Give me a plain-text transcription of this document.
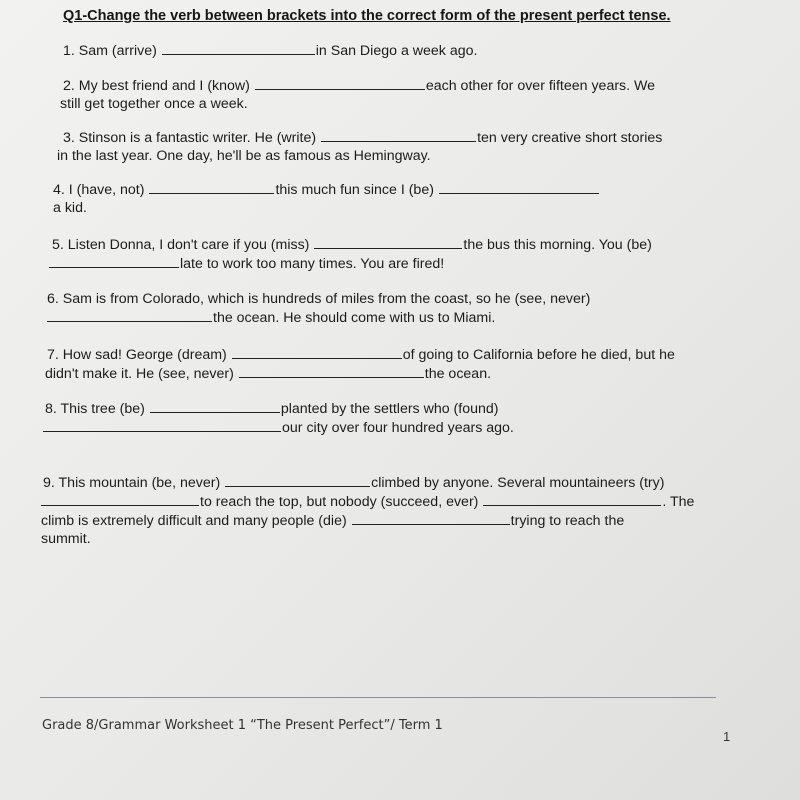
Q1-Change the verb between brackets into the correct form of the present perfect tense.
1. Sam (arrive)	in San Diego a week ago.
2. My best friend and I (know)	each other for over fifteen years. We
still get together once a week.
3. Stinson is a fantastic writer. He (write)	ten very creative short stories
in the last year. One day, he'll be as famous as Hemingway.
4. I (have, not)	this much fun since I (be)
a kid.
5. Listen Donna, I don't care if you (miss)	the bus this morning. You (be)
late to work too many times. You are fired!
6. Sam is from Colorado, which is hundreds of miles from the coast, so he (see, never)
the ocean. He should come with us to Miami.
7. How sad! George (dream)	of going to California before he died, but he
didn't make it. He (see, never)	the ocean.
8. This tree (be)	planted by the settlers who (found)
our city over four hundred years ago.
9. This mountain (be, never)	climbed by anyone. Several mountaineers (try)
to reach the top, but nobody (succeed, ever)	. The
climb is extremely difficult and many people (die)	trying to reach the
summit.
Grade 8/Grammar Worksheet 1 “The Present Perfect”/ Term 1
1
